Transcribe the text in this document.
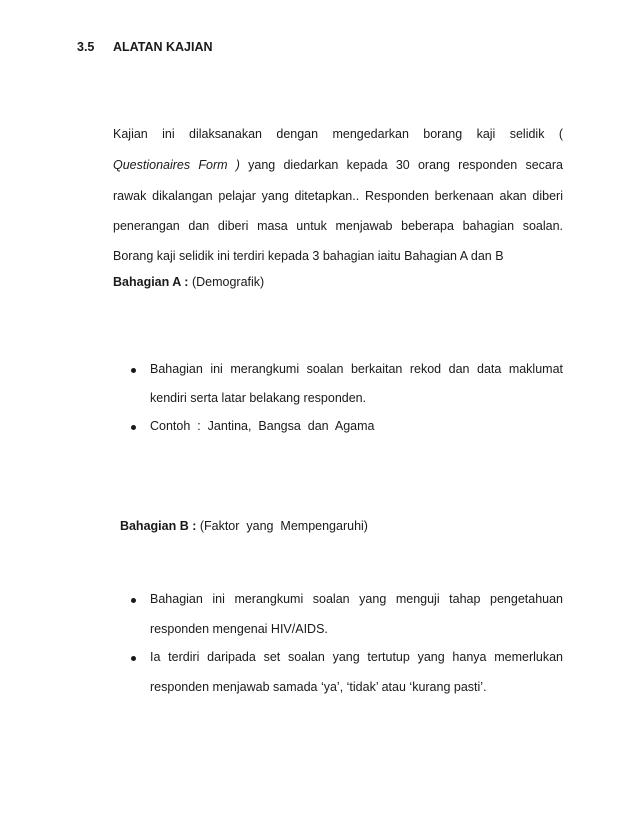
3.5 ALATAN KAJIAN
Kajian ini dilaksanakan dengan mengedarkan borang kaji selidik (
Questionaires Form ) yang diedarkan kepada 30 orang responden secara
rawak dikalangan pelajar yang ditetapkan.. Responden berkenaan akan diberi
penerangan dan diberi masa untuk menjawab beberapa bahagian soalan.
Borang kaji selidik ini terdiri kepada 3 bahagian iaitu Bahagian A dan B
Bahagian A : (Demografik)
Bahagian ini merangkumi soalan berkaitan rekod dan data maklumat
kendiri serta latar belakang responden.
Contoh  :  Jantina,  Bangsa  dan  Agama

Bahagian B : (Faktor  yang  Mempengaruhi)

Bahagian ini merangkumi soalan yang menguji tahap pengetahuan
responden mengenai HIV/AIDS.
Ia terdiri daripada set soalan yang tertutup yang hanya memerlukan
responden menjawab samada ‘ya’, ‘tidak’ atau ‘kurang pasti’.
